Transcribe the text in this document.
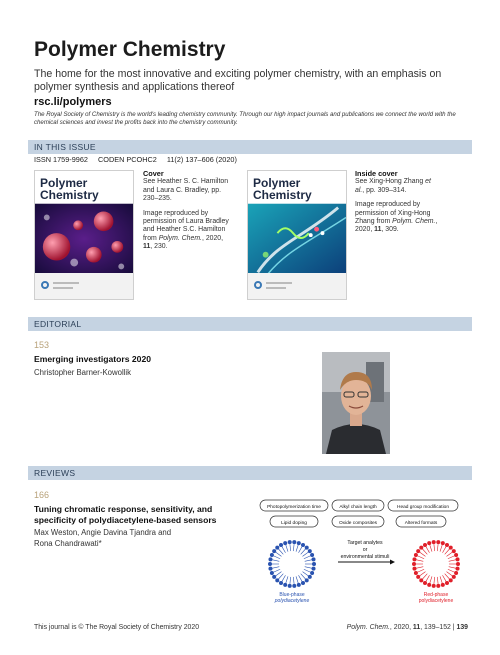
Polymer Chemistry
The home for the most innovative and exciting polymer chemistry, with an emphasis on polymer synthesis and applications thereof
rsc.li/polymers
The Royal Society of Chemistry is the world's leading chemistry community. Through our high impact journals and publications we connect the world with the chemical sciences and invest the profits back into the chemistry community.
IN THIS ISSUE
ISSN 1759-9962 CODEN PCOHC2 11(2) 137–606 (2020)
Polymer Chemistry
Cover
See Heather S. C. Hamilton and Laura C. Bradley, pp. 230–235.
Image reproduced by permission of Laura Bradley and Heather S.C. Hamilton from Polym. Chem., 2020, 11, 230.
Polymer Chemistry
Inside cover
See Xing-Hong Zhang et al., pp. 309–314.
Image reproduced by permission of Xing-Hong Zhang from Polym. Chem., 2020, 11, 309.
EDITORIAL
153
Emerging investigators 2020
Christopher Barner-Kowollik
REVIEWS
166
Tuning chromatic response, sensitivity, and
specificity of polydiacetylene-based sensors
Max Weston, Angie Davina Tjandra and
Rona Chandrawati*
Photopolymerization time	Alkyl chain length	Head group modification
Lipid doping	Oxide composites	Altered formats
Target analytes
or
environmental stimuli
Blue-phase
polydiacetylene
Red-phase
polydiacetylene
This journal is © The Royal Society of Chemistry 2020	Polym. Chem., 2020, 11, 139–152 | 139
